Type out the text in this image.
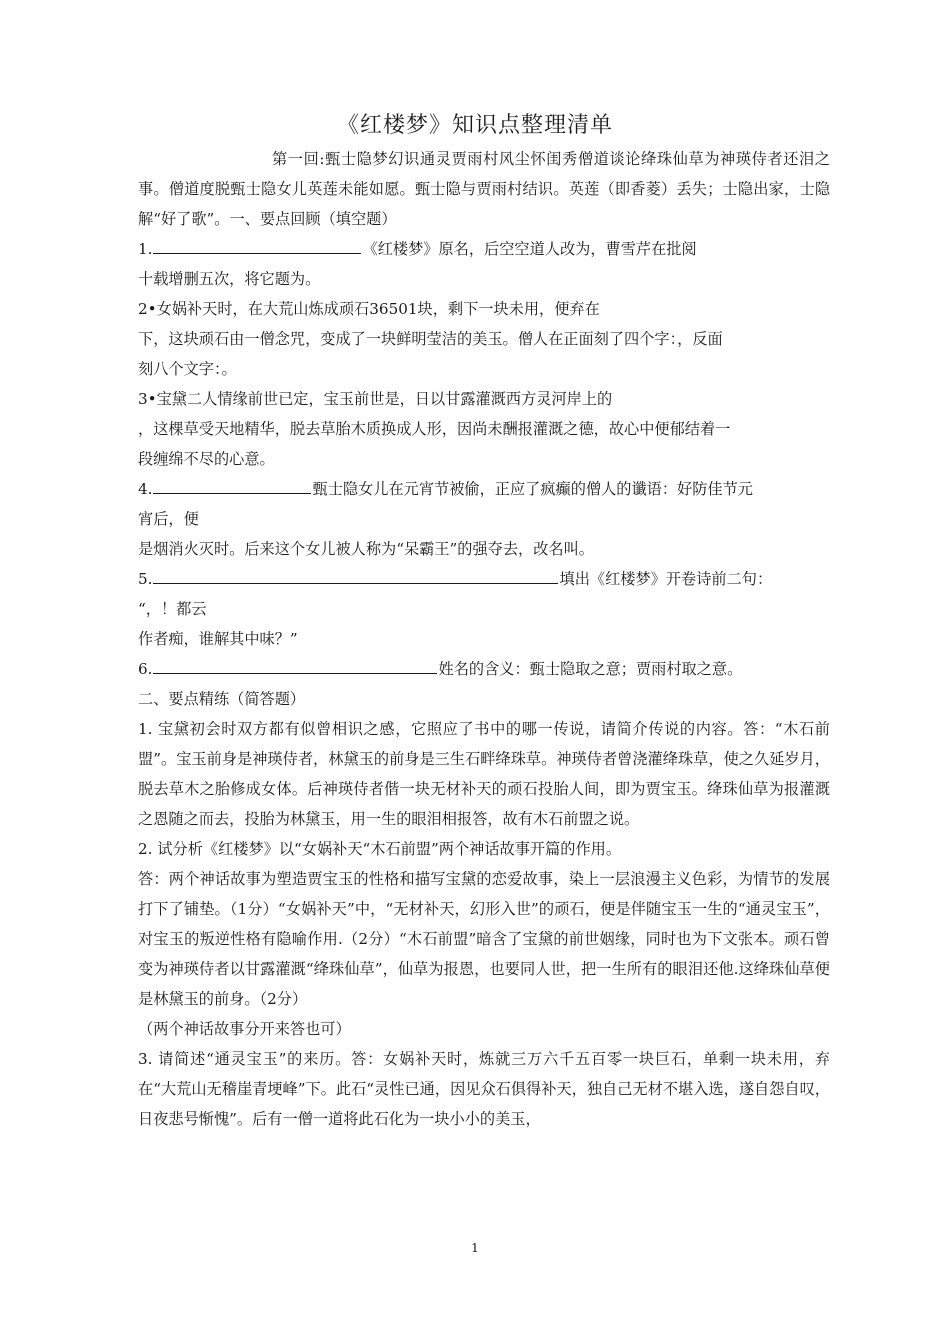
《红楼梦》知识点整理清单

第一回:甄士隐梦幻识通灵贾雨村风尘怀闺秀僧道谈论绛珠仙草为神瑛侍者还泪之事。僧道度脱甄士隐女儿英莲未能如愿。甄士隐与贾雨村结识。英莲（即香菱）丢失；士隐出家，士隐解“好了歌”。一、要点回顾（填空题）

1.	《红楼梦》原名，后空空道人改为，曹雪芹在批阅

十载增删五次，将它题为。

2•女娲补天时，在大荒山炼成顽石36501块，剩下一块未用，便弃在

下，这块顽石由一僧念咒，变成了一块鲜明莹洁的美玉。僧人在正面刻了四个字：，反面

刻八个文字：。

3•宝黛二人情缘前世已定，宝玉前世是，日以甘露灌溉西方灵河岸上的

，这棵草受天地精华，脱去草胎木质换成人形，因尚未酬报灌溉之德，故心中便郁结着一

段缠绵不尽的心意。

4.	甄士隐女儿在元宵节被偷，正应了疯癫的僧人的谶语：好防佳节元

宵后，便

是烟消火灭时。后来这个女儿被人称为“呆霸王”的强夺去，改名叫。

5.	填出《红楼梦》开卷诗前二句：

“，！都云

作者痴，谁解其中味？”

6.	姓名的含义：甄士隐取之意；贾雨村取之意。

二、要点精练（简答题）

1. 宝黛初会时双方都有似曾相识之感，它照应了书中的哪一传说，请简介传说的内容。答：“木石前盟”。宝玉前身是神瑛侍者，林黛玉的前身是三生石畔绛珠草。神瑛侍者曾浇灌绛珠草，使之久延岁月，脱去草木之胎修成女体。后神瑛侍者偕一块无材补天的顽石投胎人间，即为贾宝玉。绛珠仙草为报灌溉之恩随之而去，投胎为林黛玉，用一生的眼泪相报答，故有木石前盟之说。

2. 试分析《红楼梦》以“女娲补天“木石前盟”两个神话故事开篇的作用。

答：两个神话故事为塑造贾宝玉的性格和描写宝黛的恋爱故事，染上一层浪漫主义色彩，为情节的发展打下了铺垫。（1分）“女娲补天”中，“无材补天，幻形入世”的顽石，便是伴随宝玉一生的“通灵宝玉”，对宝玉的叛逆性格有隐喻作用.（2分）“木石前盟”暗含了宝黛的前世姻缘，同时也为下文张本。顽石曾变为神瑛侍者以甘露灌溉“绛珠仙草”，仙草为报恩，也要同人世，把一生所有的眼泪还他.这绛珠仙草便是林黛玉的前身。（2分）

（两个神话故事分开来答也可）

3. 请简述“通灵宝玉”的来历。答：女娲补天时，炼就三万六千五百零一块巨石，单剩一块未用，弃在“大荒山无稽崖青埂峰”下。此石“灵性已通，因见众石俱得补天，独自己无材不堪入选，遂自怨自叹，日夜悲号惭愧”。后有一僧一道将此石化为一块小小的美玉，

1
